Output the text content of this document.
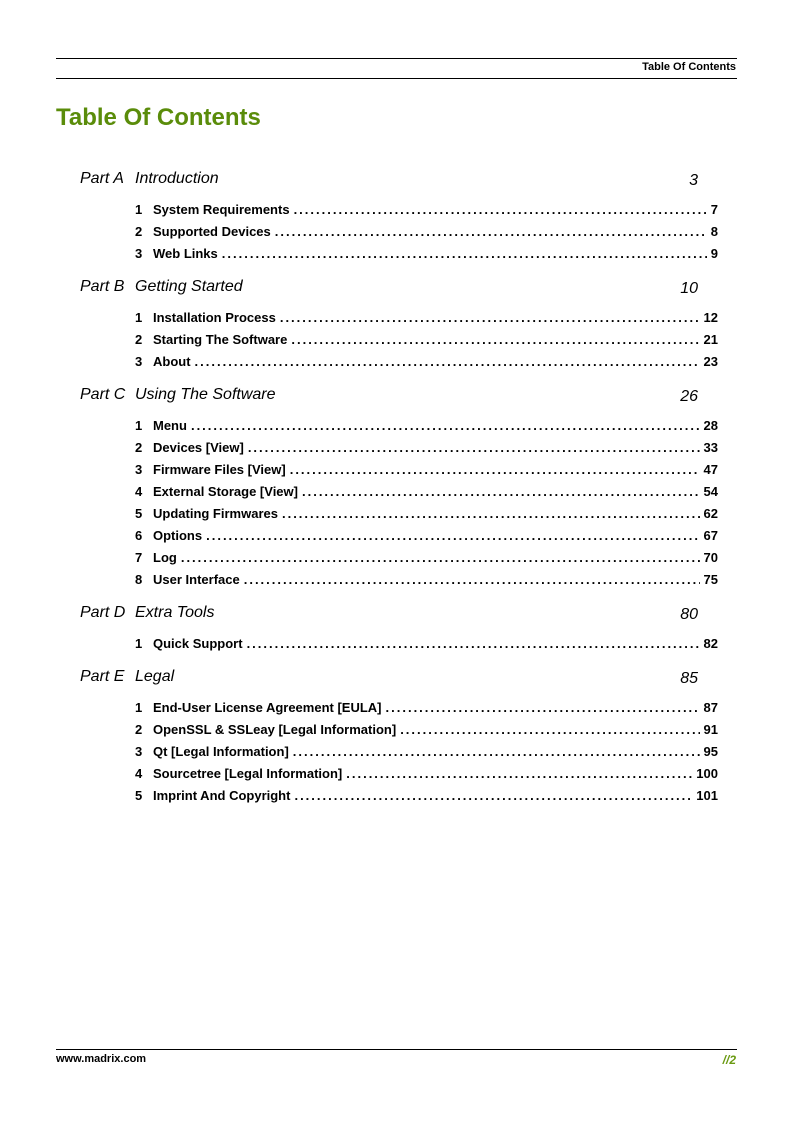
Table Of Contents
Table Of Contents
Part A Introduction	3
1 System Requirements .....	7
2 Supported Devices .....	8
3 Web Links .....	9
Part B Getting Started	10
1 Installation Process .....	12
2 Starting The Software .....	21
3 About .....	23
Part C Using The Software	26
1 Menu .....	28
2 Devices [View] .....	33
3 Firmware Files [View] .....	47
4 External Storage [View] .....	54
5 Updating Firmwares .....	62
6 Options .....	67
7 Log .....	70
8 User Interface .....	75
Part D Extra Tools	80
1 Quick Support .....	82
Part E Legal	85
1 End-User License Agreement [EULA] .....	87
2 OpenSSL & SSLeay [Legal Information] .....	91
3 Qt [Legal Information] .....	95
4 Sourcetree [Legal Information] .....	100
5 Imprint And Copyright .....	101
www.madrix.com	//2
